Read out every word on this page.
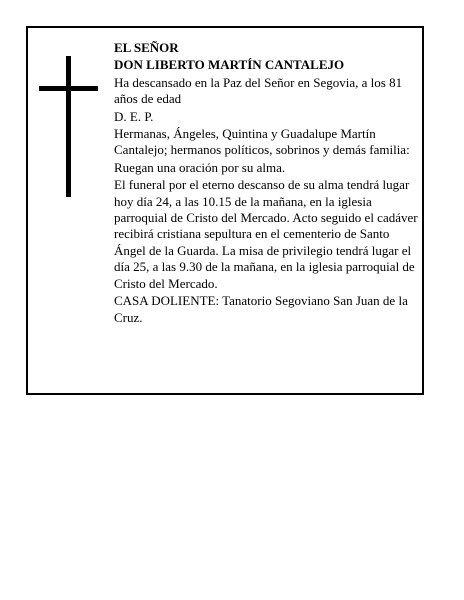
EL SEÑOR

DON LIBERTO MARTÍN CANTALEJO

Ha descansado en la Paz del Señor en Segovia, a los 81 años de edad

D. E. P.

Hermanas, Ángeles, Quintina y Guadalupe Martín Cantalejo; hermanos políticos, sobrinos y demás familia:

Ruegan una oración por su alma.

El funeral por el eterno descanso de su alma tendrá lugar hoy día 24, a las 10.15 de la mañana, en la iglesia parroquial de Cristo del Mercado. Acto seguido el cadáver recibirá cristiana sepultura en el cementerio de Santo Ángel de la Guarda. La misa de privilegio tendrá lugar el día 25, a las 9.30 de la mañana, en la iglesia parroquial de Cristo del Mercado.

CASA DOLIENTE: Tanatorio Segoviano San Juan de la Cruz.
